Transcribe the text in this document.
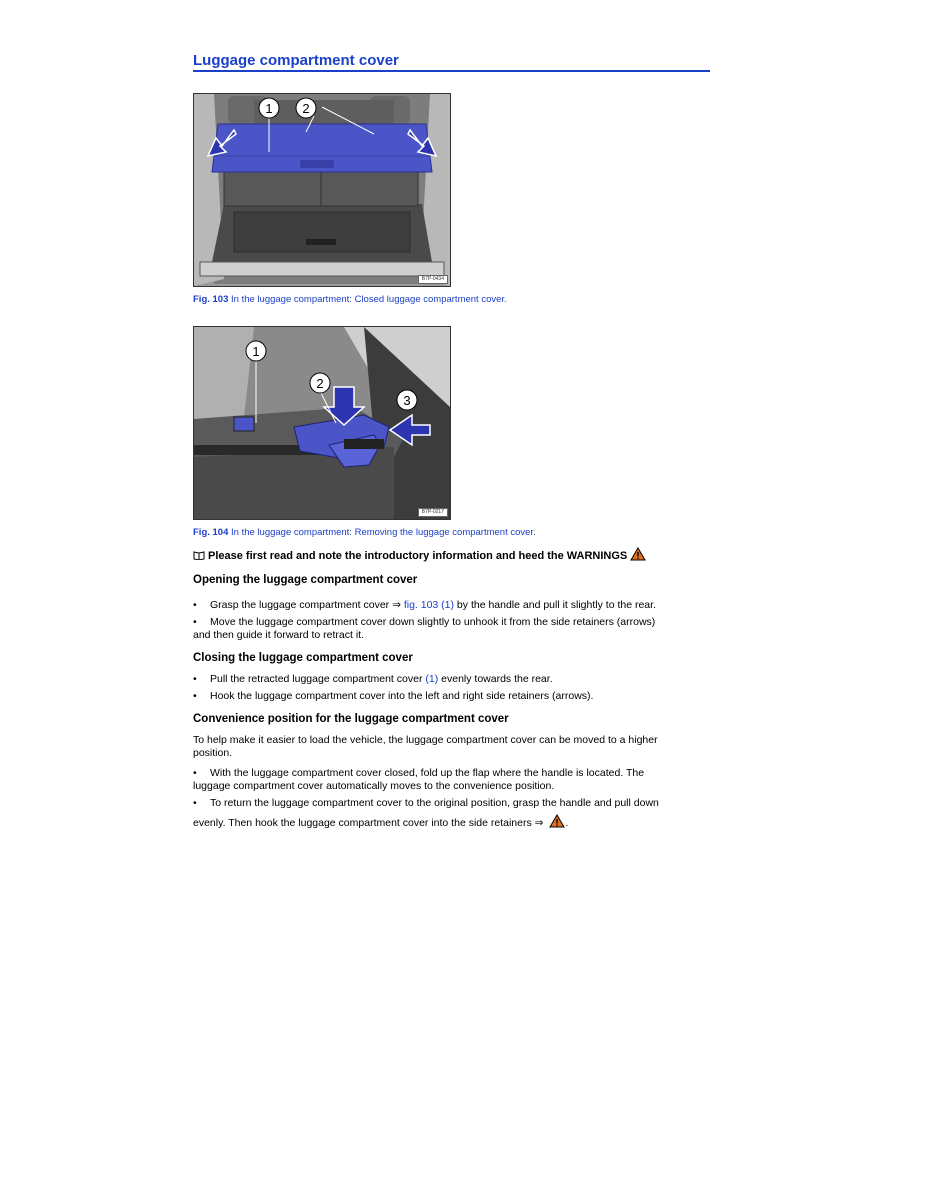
Luggage compartment cover
1 2
B7P-0434
Fig. 103 In the luggage compartment: Closed luggage compartment cover.
1
2
3
B7P-0217
Fig. 104 In the luggage compartment: Removing the luggage compartment cover.
Please first read and note the introductory information and heed the WARNINGS
Opening the luggage compartment cover
• Grasp the luggage compartment cover ⇒ fig. 103 (1) by the handle and pull it slightly to the rear.
• Move the luggage compartment cover down slightly to unhook it from the side retainers (arrows)
and then guide it forward to retract it.
Closing the luggage compartment cover
• Pull the retracted luggage compartment cover (1) evenly towards the rear.
• Hook the luggage compartment cover into the left and right side retainers (arrows).
Convenience position for the luggage compartment cover
To help make it easier to load the vehicle, the luggage compartment cover can be moved to a higher
position.
• With the luggage compartment cover closed, fold up the flap where the handle is located. The
luggage compartment cover automatically moves to the convenience position.
• To return the luggage compartment cover to the original position, grasp the handle and pull down
evenly. Then hook the luggage compartment cover into the side retainers ⇒ .
